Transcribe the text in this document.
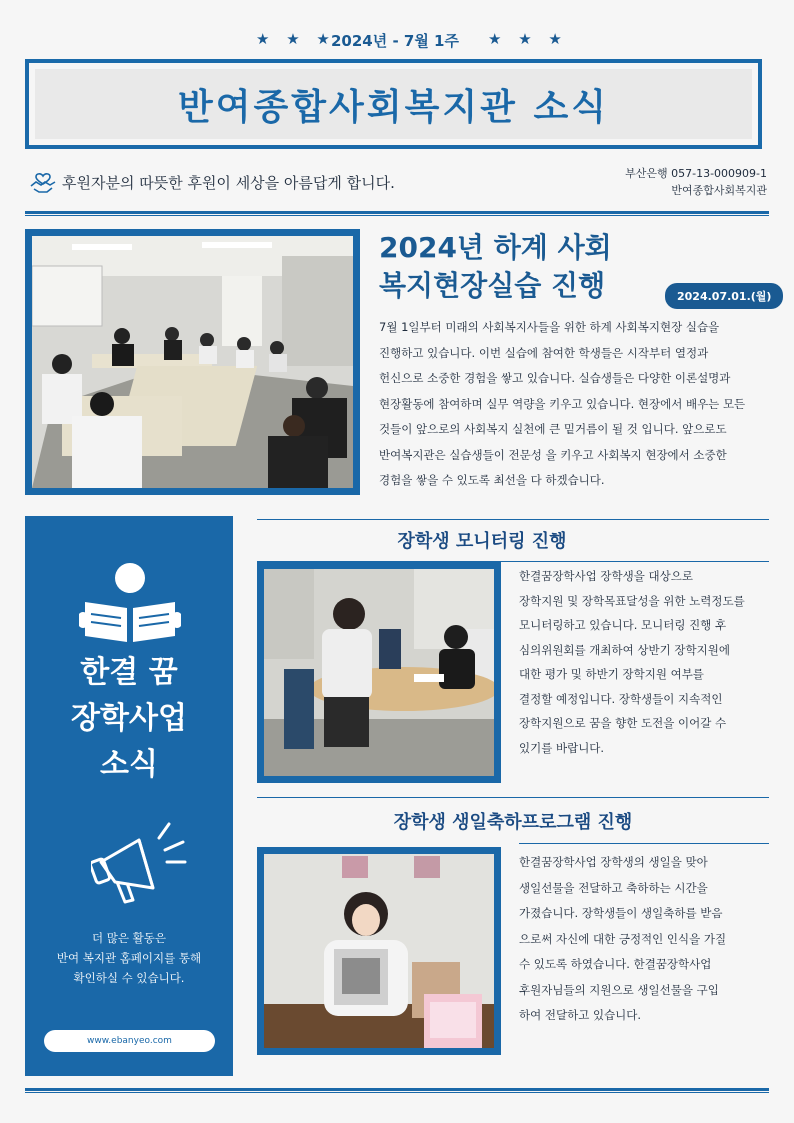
★ ★ ★
2024년 - 7월 1주 ★ ★ ★
반여종합사회복지관 소식
후원자분의 따뜻한 후원이 세상을 아름답게 합니다.
부산은행 057-13-000909-1
반여종합사회복지관
2024년 하계 사회
복지현장실습 진행	2024.07.01.(월)
7월 1일부터 미래의 사회복지사들을 위한 하계 사회복지현장 실습을
진행하고 있습니다. 이번 실습에 참여한 학생들은 시작부터 열정과
헌신으로 소중한 경험을 쌓고 있습니다. 실습생들은 다양한 이론설명과
현장활동에 참여하며 실무 역량을 키우고 있습니다. 현장에서 배우는 모든
것들이 앞으로의 사회복지 실천에 큰 밑거름이 될 것 입니다. 앞으로도
반여복지관은 실습생들이 전문성 을 키우고 사회복지 현장에서 소중한
경험을 쌓을 수 있도록 최선을 다 하겠습니다.
한결 꿈
장학사업
소식
더 많은 활동은
반여 복지관 홈페이지를 통해
확인하실 수 있습니다.
www.ebanyeo.com
장학생 모니터링 진행
한결꿈장학사업 장학생을 대상으로
장학지원 및 장학목표달성을 위한 노력정도를
모니터링하고 있습니다. 모니터링 진행 후
심의위원회를 개최하여 상반기 장학지원에
대한 평가 및 하반기 장학지원 여부를
결정할 예정입니다. 장학생들이 지속적인
장학지원으로 꿈을 향한 도전을 이어갈 수
있기를 바랍니다.
장학생 생일축하프로그램 진행
한결꿈장학사업 장학생의 생일을 맞아
생일선물을 전달하고 축하하는 시간을
가졌습니다. 장학생들이 생일축하를 받음
으로써 자신에 대한 긍정적인 인식을 가질
수 있도록 하였습니다. 한결꿈장학사업
후원자님들의 지원으로 생일선물을 구입
하여 전달하고 있습니다.
